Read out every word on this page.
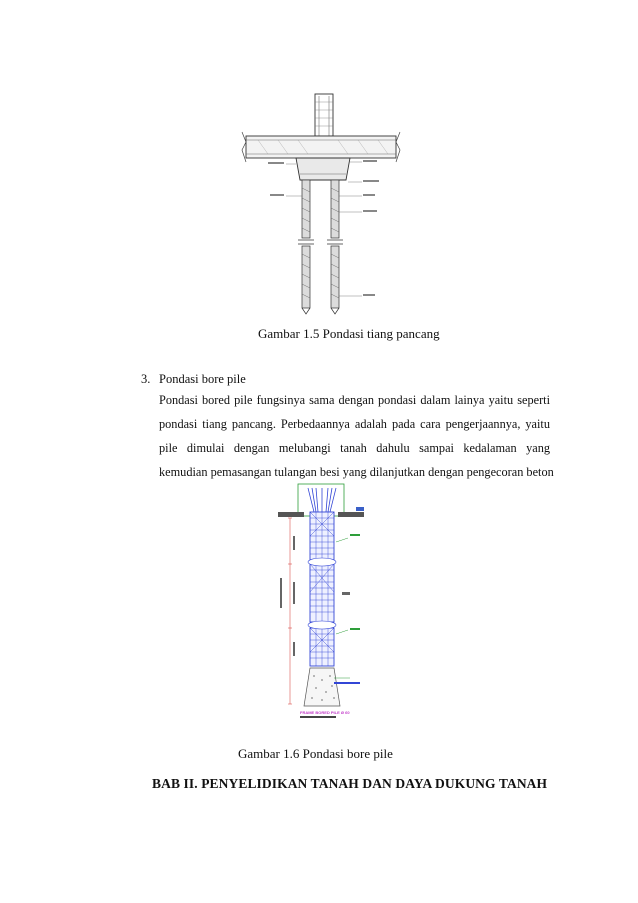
Gambar 1.5 Pondasi tiang pancang
3. Pondasi bore pile
Pondasi bored pile fungsinya sama dengan pondasi dalam lainya yaitu seperti
pondasi tiang pancang. Perbedaannya adalah pada cara pengerjaannya, yaitu
pile dimulai dengan melubangi tanah dahulu sampai kedalaman yang
kemudian pemasangan tulangan besi yang dilanjutkan dengan pengecoran beton
FRAME BORED PILE Ø 60
Gambar 1.6 Pondasi bore pile
BAB II. PENYELIDIKAN TANAH DAN DAYA DUKUNG TANAH
